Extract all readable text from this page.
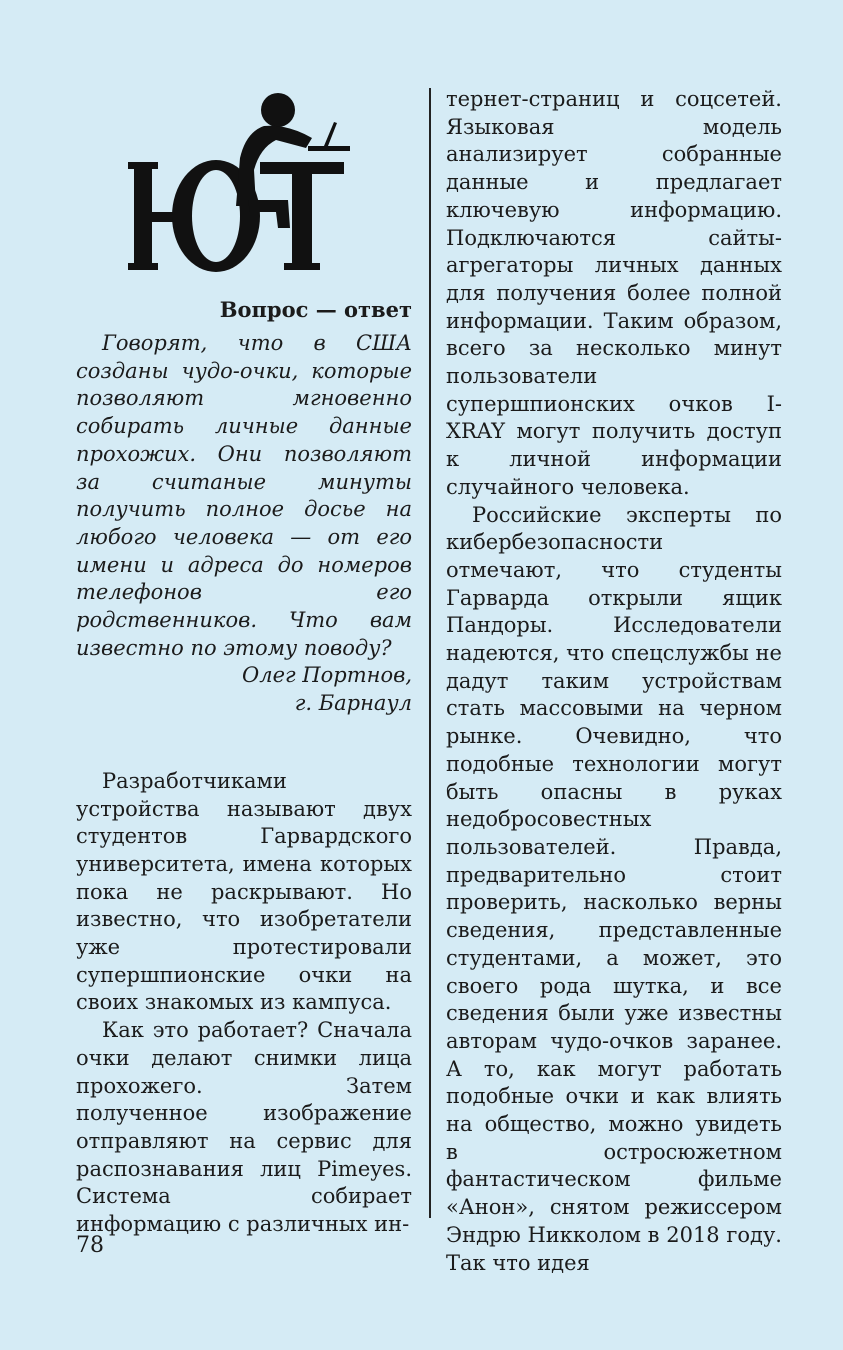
Вопрос — ответ

Говорят, что в США созданы чудо-очки, которые позволяют мгновенно собирать личные данные прохожих. Они позволяют за считаные минуты получить полное досье на любого человека — от его имени и адреса до номеров телефонов его родственников. Что вам известно по этому поводу?

Олег Портнов,

г. Барнаул

Разработчиками устройства называют двух студентов Гарвардского университета, имена которых пока не раскрывают. Но известно, что изобретатели уже протестировали супершпионские очки на своих знакомых из кампуса.

Как это работает? Сначала очки делают снимки лица прохожего. Затем полученное изображение отправляют на сервис для распознавания лиц Pimeyes. Система собирает информацию с различных ин-

тернет-страниц и соцсетей. Языковая модель анализирует собранные данные и предлагает ключевую информацию. Подключаются сайты-агрегаторы личных данных для получения более полной информации. Таким образом, всего за несколько минут пользователи супершпионских очков I-XRAY могут получить доступ к личной информации случайного человека.

Российские эксперты по кибербезопасности отмечают, что студенты Гарварда открыли ящик Пандоры. Исследователи надеются, что спецслужбы не дадут таким устройствам стать массовыми на черном рынке. Очевидно, что подобные технологии могут быть опасны в руках недобросовестных пользователей. Правда, предварительно стоит проверить, насколько верны сведения, представленные студентами, а может, это своего рода шутка, и все сведения были уже известны авторам чудо-очков заранее. А то, как могут работать подобные очки и как влиять на общество, можно увидеть в остросюжетном фантастическом фильме «Анон», снятом режиссером Эндрю Никколом в 2018 году. Так что идея

78
